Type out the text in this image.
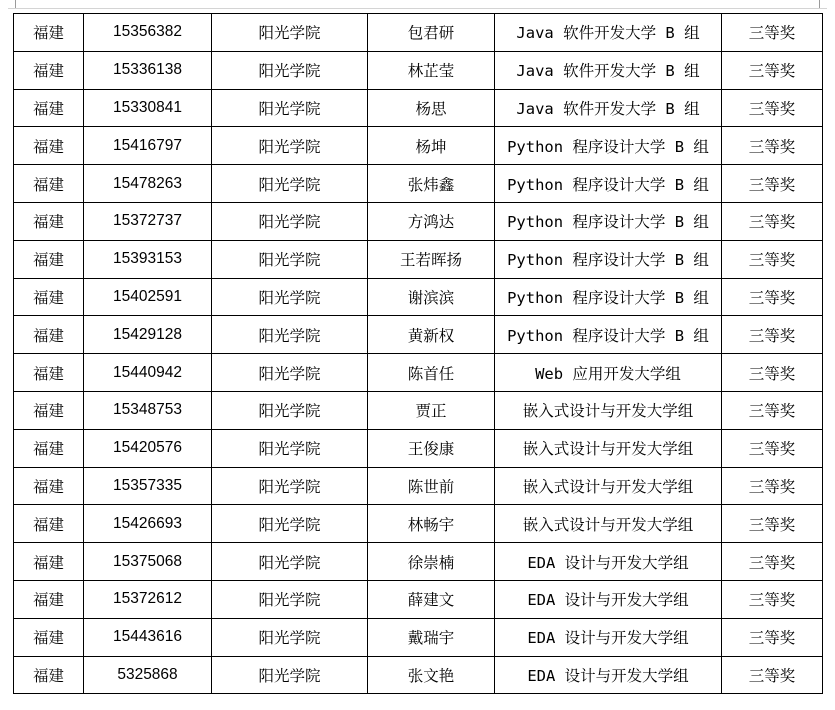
福建	15356382	阳光学院	包君研	Java 软件开发大学 B 组	三等奖
福建	15336138	阳光学院	林芷莹	Java 软件开发大学 B 组	三等奖
福建	15330841	阳光学院	杨思	Java 软件开发大学 B 组	三等奖
福建	15416797	阳光学院	杨坤	Python 程序设计大学 B 组	三等奖
福建	15478263	阳光学院	张炜鑫	Python 程序设计大学 B 组	三等奖
福建	15372737	阳光学院	方鸿达	Python 程序设计大学 B 组	三等奖
福建	15393153	阳光学院	王若晖扬	Python 程序设计大学 B 组	三等奖
福建	15402591	阳光学院	谢滨滨	Python 程序设计大学 B 组	三等奖
福建	15429128	阳光学院	黄新权	Python 程序设计大学 B 组	三等奖
福建	15440942	阳光学院	陈首任	Web 应用开发大学组	三等奖
福建	15348753	阳光学院	贾正	嵌入式设计与开发大学组	三等奖
福建	15420576	阳光学院	王俊康	嵌入式设计与开发大学组	三等奖
福建	15357335	阳光学院	陈世前	嵌入式设计与开发大学组	三等奖
福建	15426693	阳光学院	林畅宇	嵌入式设计与开发大学组	三等奖
福建	15375068	阳光学院	徐崇楠	EDA 设计与开发大学组	三等奖
福建	15372612	阳光学院	薛建文	EDA 设计与开发大学组	三等奖
福建	15443616	阳光学院	戴瑞宇	EDA 设计与开发大学组	三等奖
福建	5325868	阳光学院	张文艳	EDA 设计与开发大学组	三等奖
